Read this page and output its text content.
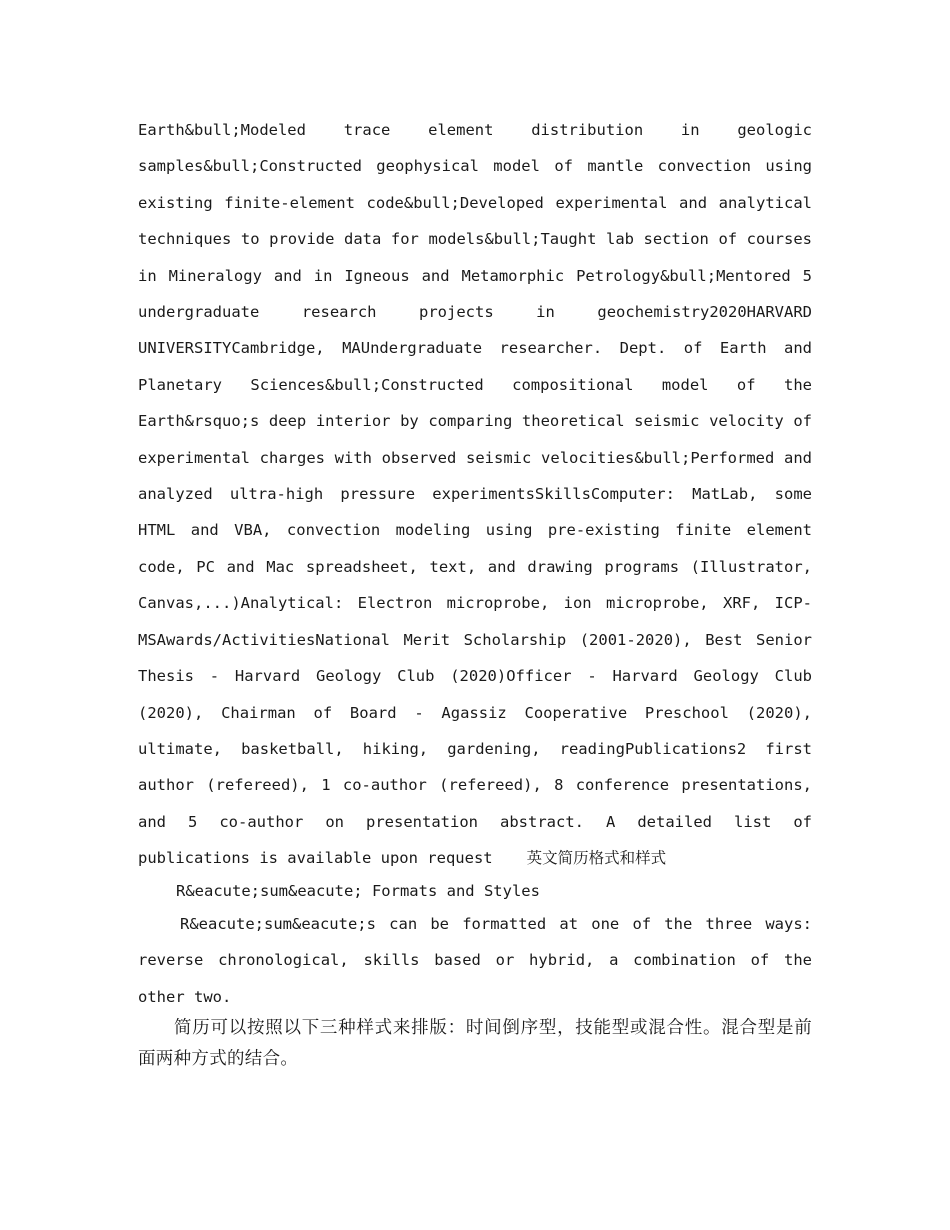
Earth&bull;Modeled trace element distribution in geologic samples&bull;Constructed geophysical model of mantle convection using existing finite-element code&bull;Developed experimental and analytical techniques to provide data for models&bull;Taught lab section of courses in Mineralogy and in Igneous and Metamorphic Petrology&bull;Mentored 5 undergraduate research projects in geochemistry2020HARVARD UNIVERSITYCambridge, MAUndergraduate researcher. Dept. of Earth and Planetary Sciences&bull;Constructed compositional model of the Earth&rsquo;s deep interior by comparing theoretical seismic velocity of experimental charges with observed seismic velocities&bull;Performed and analyzed ultra-high pressure experimentsSkillsComputer: MatLab, some HTML and VBA, convection modeling using pre-existing finite element code, PC and Mac spreadsheet, text, and drawing programs (Illustrator, Canvas,...)Analytical: Electron microprobe, ion microprobe, XRF, ICP-MSAwards/ActivitiesNational Merit Scholarship (2001-2020), Best Senior Thesis - Harvard Geology Club (2020)Officer - Harvard Geology Club (2020), Chairman of Board - Agassiz Cooperative Preschool (2020), ultimate, basketball, hiking, gardening, readingPublications2 first author (refereed), 1 co-author (refereed), 8 conference presentations, and 5 co-author on presentation abstract. A detailed list of publications is available upon request 英文简历格式和样式
R&eacute;sum&eacute; Formats and Styles
R&eacute;sum&eacute;s can be formatted at one of the three ways: reverse chronological, skills based or hybrid, a combination of the other two.
简历可以按照以下三种样式来排版：时间倒序型，技能型或混合性。混合型是前面两种方式的结合。
